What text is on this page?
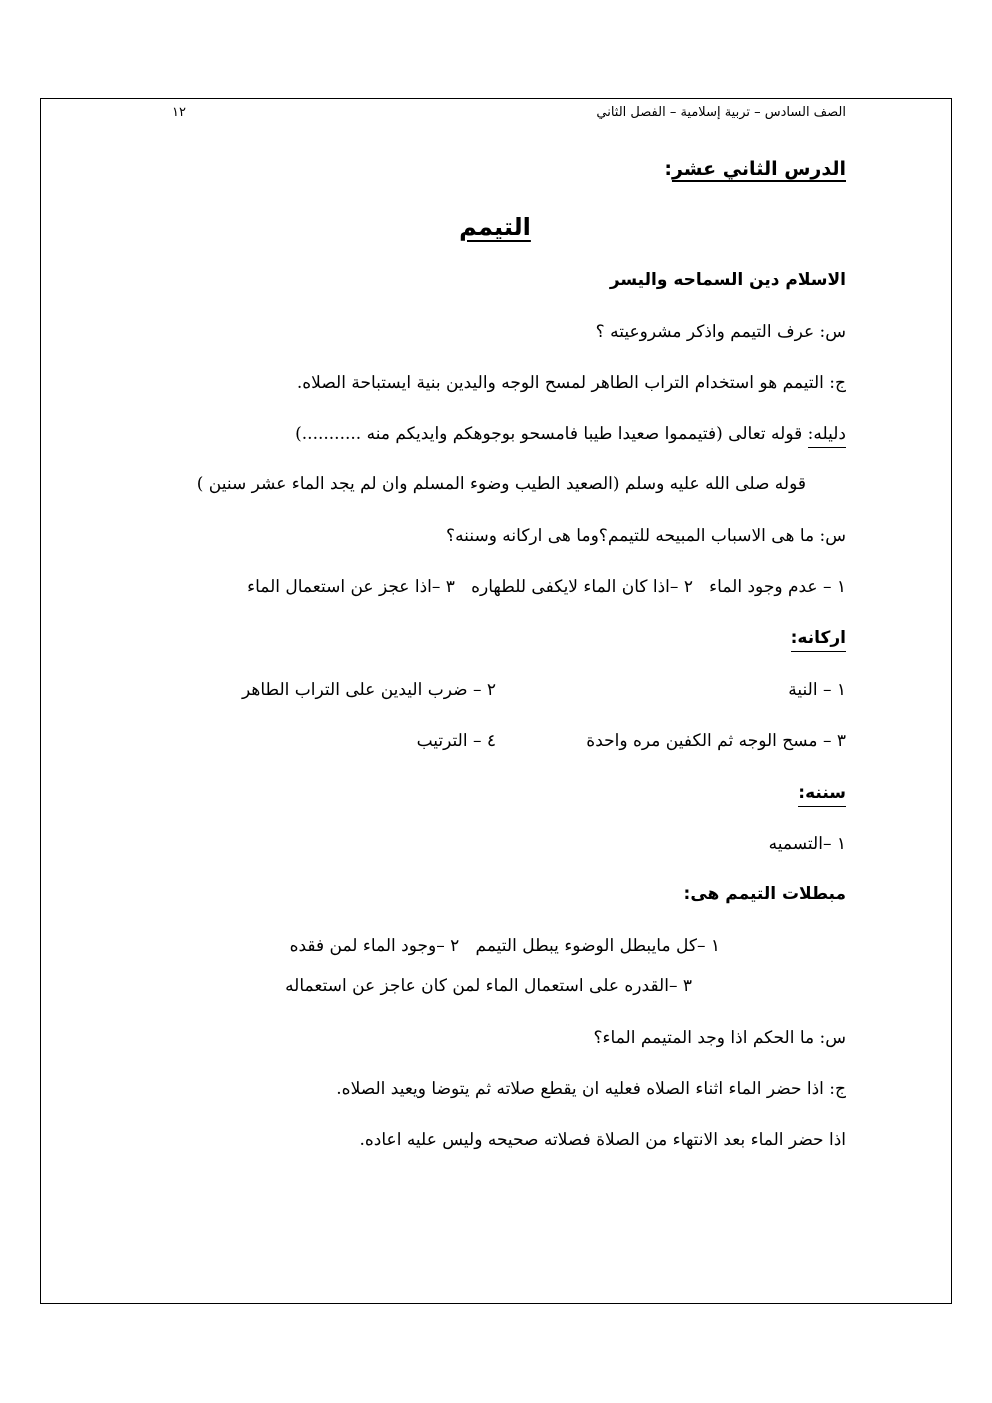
الصف السادس – تربية إسلامية – الفصل الثاني
١٢
الدرس الثاني عشر:
التيمم
الاسلام دين السماحه واليسر
س: عرف التيمم واذكر مشروعيته ؟
ج: التيمم هو استخدام التراب الطاهر لمسح الوجه واليدين بنية ايستباحة الصلاه.
دليله: قوله تعالى (فتيمموا صعيدا طيبا فامسحو بوجوهكم وايديكم منه ...........)
قوله صلى الله عليه وسلم (الصعيد الطيب وضوء المسلم وان لم يجد الماء عشر سنين )
س: ما هى الاسباب المبيحه للتيمم؟وما هى اركانه وسننه؟
١ – عدم وجود الماء   ٢ –اذا كان الماء لايكفى للطهاره   ٣ –اذا عجز عن استعمال الماء
اركانه:
١ – النية
٢ – ضرب اليدين على التراب الطاهر
٣ – مسح الوجه ثم الكفين مره واحدة
٤ – الترتيب
سننه:
١ –التسميه
مبطلات التيمم هى:
١ –كل مايبطل الوضوء يبطل التيمم   ٢ –وجود الماء لمن فقده
٣ –القدره على استعمال الماء لمن كان عاجز عن استعماله
س: ما الحكم اذا وجد المتيمم الماء؟
ج: اذا حضر الماء اثناء الصلاه فعليه ان يقطع صلاته ثم يتوضا ويعيد الصلاه.
اذا حضر الماء بعد الانتهاء من الصلاة فصلاته صحيحه وليس عليه اعاده.
